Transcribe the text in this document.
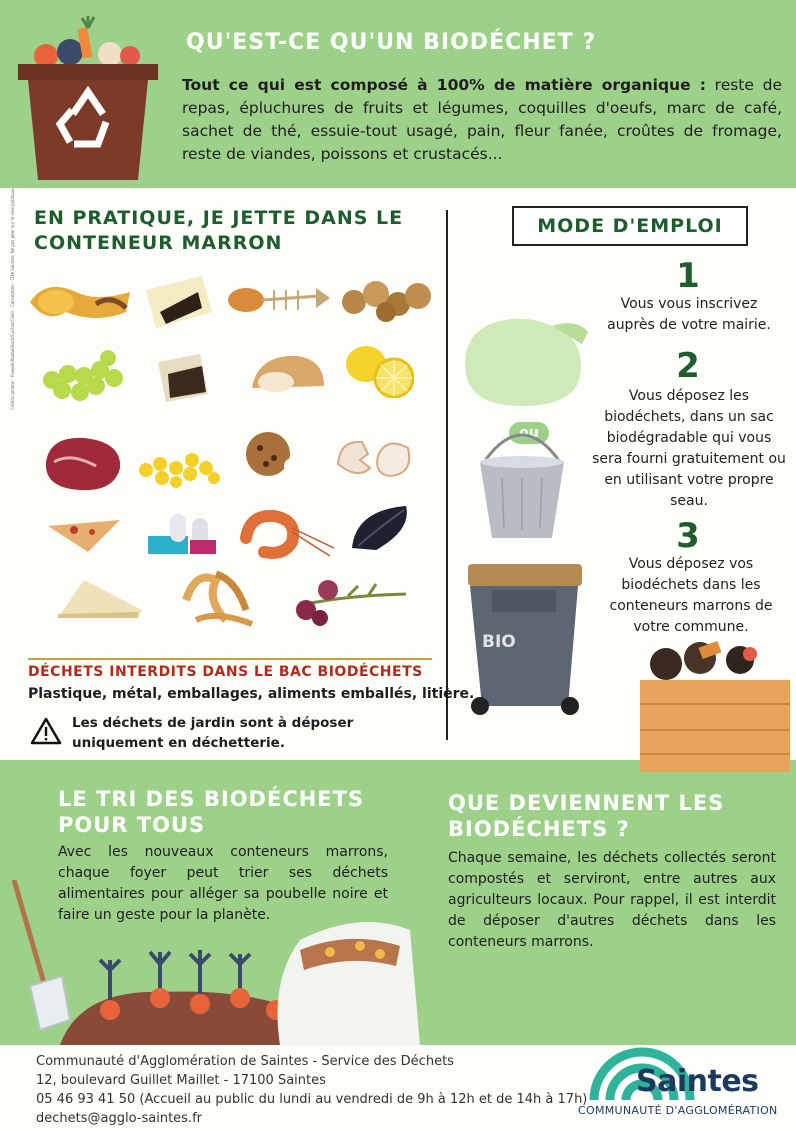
QU'EST-CE QU'UN BIODÉCHET ?
Tout ce qui est composé à 100% de matière organique : reste de repas, épluchures de fruits et légumes, coquilles d'oeufs, marc de café, sachet de thé, essuie-tout usagé, pain, fleur fanée, croûtes de fromage, reste de viandes, poissons et crustacés...
EN PRATIQUE, JE JETTE DANS LE CONTENEUR MARRON
Crédits photos : Freepik/AdobeStock/Cyclad/Citeo - Conception : CDA Saintes. Ne pas jeter sur la voie publique.
DÉCHETS INTERDITS DANS LE BAC BIODÉCHETS
Plastique, métal, emballages, aliments emballés, litière.
Les déchets de jardin sont à déposer uniquement en déchetterie.
MODE D'EMPLOI
1
Vous vous inscrivez auprès de votre mairie.
2
Vous déposez les biodéchets, dans un sac biodégradable qui vous sera fourni gratuitement ou en utilisant votre propre seau.
3
Vous déposez vos biodéchets dans les conteneurs marrons de votre commune.
ou
BIO
LE TRI DES BIODÉCHETS POUR TOUS
Avec les nouveaux conteneurs marrons, chaque foyer peut trier ses déchets alimentaires pour alléger sa poubelle noire et faire un geste pour la planète.
QUE DEVIENNENT LES BIODÉCHETS ?
Chaque semaine, les déchets collectés seront compostés et serviront, entre autres aux agriculteurs locaux. Pour rappel, il est interdit de déposer d'autres déchets dans les conteneurs marrons.
Communauté d'Agglomération de Saintes - Service des Déchets
12, boulevard Guillet Maillet - 17100 Saintes
05 46 93 41 50 (Accueil au public du lundi au vendredi de 9h à 12h et de 14h à 17h)
dechets@agglo-saintes.fr
Saintes
COMMUNAUTÉ D'AGGLOMÉRATION
